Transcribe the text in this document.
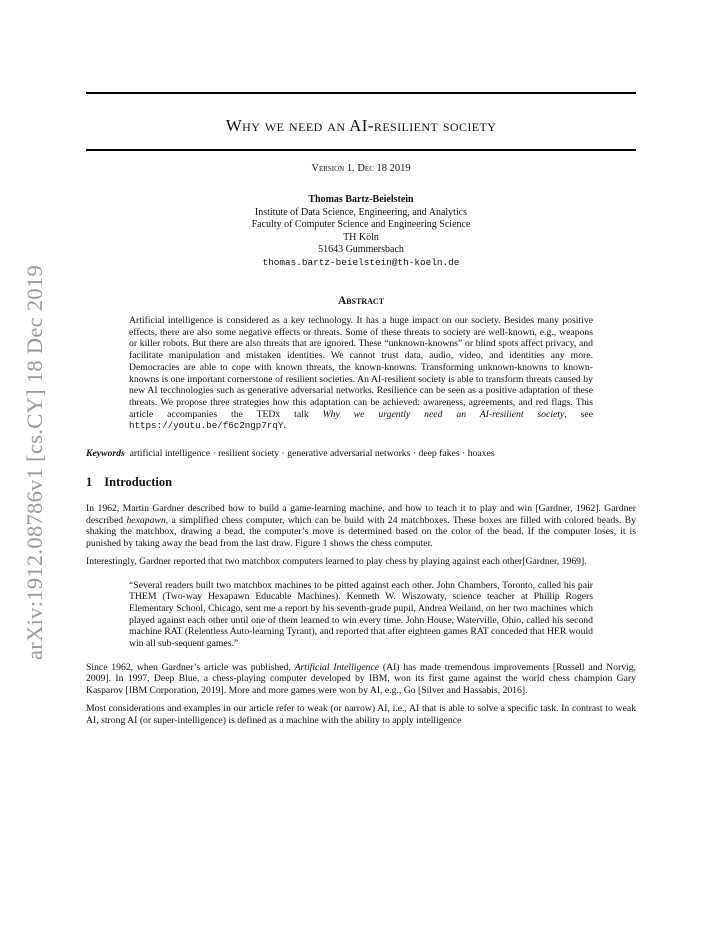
arXiv:1912.08786v1 [cs.CY] 18 Dec 2019
Why we need an AI-resilient society
Version 1. Dec 18 2019
Thomas Bartz-Beielstein
Institute of Data Science, Engineering, and Analytics
Faculty of Computer Science and Engineering Science
TH Köln
51643 Gummersbach
thomas.bartz-beielstein@th-koeln.de
Abstract
Artificial intelligence is considered as a key technology. It has a huge impact on our society. Besides many positive effects, there are also some negative effects or threats. Some of these threats to society are well-known, e.g., weapons or killer robots. But there are also threats that are ignored. These “unknown-knowns” or blind spots affect privacy, and facilitate manipulation and mistaken identities. We cannot trust data, audio, video, and identities any more. Democracies are able to cope with known threats, the known-knowns. Transforming unknown-knowns to known-knowns is one important cornerstone of resilient societies. An AI-resilient society is able to transform threats caused by new AI tecchnologies such as generative adversarial networks. Resilience can be seen as a positive adaptation of these threats. We propose three strategies how this adaptation can be achieved: awareness, agreements, and red flags. This article accompanies the TEDx talk Why we urgently need an AI-resilient society, see https://youtu.be/f6c2ngp7rqY.
Keywords artificial intelligence · resilient society · generative adversarial networks · deep fakes · hoaxes
1 Introduction
In 1962, Martin Gardner described how to build a game-learning machine, and how to teach it to play and win [Gardner, 1962]. Gardner described hexapawn, a simplified chess computer, which can be build with 24 matchboxes. These boxes are filled with colored beads. By shaking the matchbox, drawing a bead, the computer’s move is determined based on the color of the bead. If the computer loses, it is punished by taking away the bead from the last draw. Figure 1 shows the chess computer.
Interestingly, Gardner reported that two matchbox computers learned to play chess by playing against each other[Gardner, 1969].
“Several readers built two matchbox machines to be pitted against each other. John Chambers, Toronto, called his pair THEM (Two-way Hexapawn Educable Machines). Kenneth W. Wiszowaty, science teacher at Phillip Rogers Elementary School, Chicago, sent me a report by his seventh-grade pupil, Andrea Weiland, on her two machines which played against each other until one of them learned to win every time. John House, Waterville, Ohio, called his second machine RAT (Relentless Auto-learning Tyrant), and reported that after eighteen games RAT conceded that HER would win all sub-sequent games.”
Since 1962, when Gardner’s article was published, Artificial Intelligence (AI) has made tremendous improvements [Russell and Norvig, 2009]. In 1997, Deep Blue, a chess-playing computer developed by IBM, won its first game against the world chess champion Gary Kasparov [IBM Corporation, 2019]. More and more games were won by AI, e.g., Go [Silver and Hassabis, 2016].
Most considerations and examples in our article refer to weak (or narrow) AI, i.e., AI that is able to solve a specific task. In contrast to weak AI, strong AI (or super-intelligence) is defined as a machine with the ability to apply intelligence
